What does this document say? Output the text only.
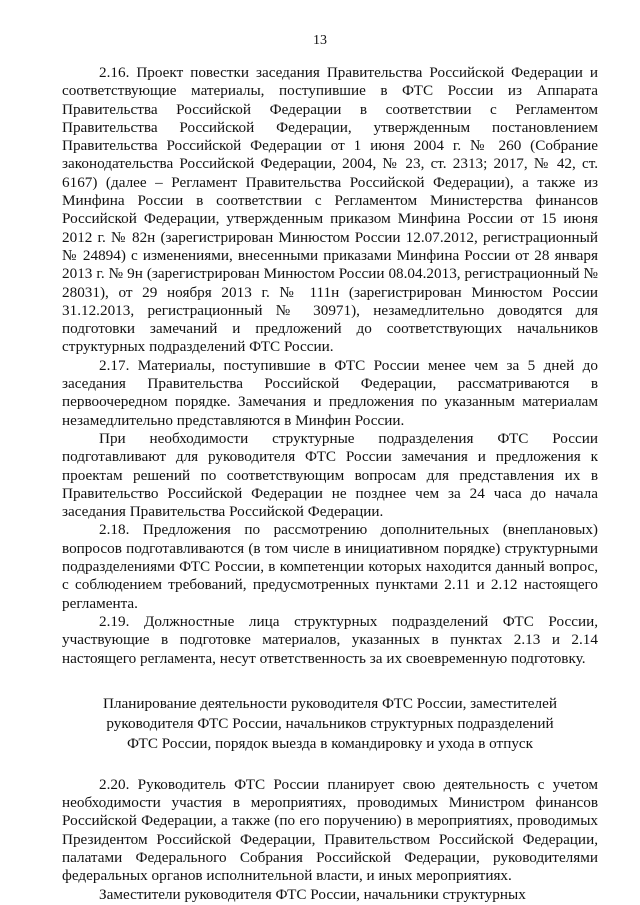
13

2.16. Проект повестки заседания Правительства Российской Федерации и соответствующие материалы, поступившие в ФТС России из Аппарата Правительства Российской Федерации в соответствии с Регламентом Правительства Российской Федерации, утвержденным постановлением Правительства Российской Федерации от 1 июня 2004 г. № 260 (Собрание законодательства Российской Федерации, 2004, № 23, ст. 2313; 2017, № 42, ст. 6167) (далее – Регламент Правительства Российской Федерации), а также из Минфина России в соответствии с Регламентом Министерства финансов Российской Федерации, утвержденным приказом Минфина России от 15 июня 2012 г. № 82н (зарегистрирован Минюстом России 12.07.2012, регистрационный № 24894) с изменениями, внесенными приказами Минфина России от 28 января 2013 г. № 9н (зарегистрирован Минюстом России 08.04.2013, регистрационный № 28031), от 29 ноября 2013 г. № 111н (зарегистрирован Минюстом России 31.12.2013, регистрационный № 30971), незамедлительно доводятся для подготовки замечаний и предложений до соответствующих начальников структурных подразделений ФТС России.

2.17. Материалы, поступившие в ФТС России менее чем за 5 дней до заседания Правительства Российской Федерации, рассматриваются в первоочередном порядке. Замечания и предложения по указанным материалам незамедлительно представляются в Минфин России.

При необходимости структурные подразделения ФТС России подготавливают для руководителя ФТС России замечания и предложения к проектам решений по соответствующим вопросам для представления их в Правительство Российской Федерации не позднее чем за 24 часа до начала заседания Правительства Российской Федерации.

2.18. Предложения по рассмотрению дополнительных (внеплановых) вопросов подготавливаются (в том числе в инициативном порядке) структурными подразделениями ФТС России, в компетенции которых находится данный вопрос, с соблюдением требований, предусмотренных пунктами 2.11 и 2.12 настоящего регламента.

2.19. Должностные лица структурных подразделений ФТС России, участвующие в подготовке материалов, указанных в пунктах 2.13 и 2.14 настоящего регламента, несут ответственность за их своевременную подготовку.

Планирование деятельности руководителя ФТС России, заместителей
руководителя ФТС России, начальников структурных подразделений
ФТС России, порядок выезда в командировку и ухода в отпуск

2.20. Руководитель ФТС России планирует свою деятельность с учетом необходимости участия в мероприятиях, проводимых Министром финансов Российской Федерации, а также (по его поручению) в мероприятиях, проводимых Президентом Российской Федерации, Правительством Российской Федерации, палатами Федерального Собрания Российской Федерации, руководителями федеральных органов исполнительной власти, и иных мероприятиях.

Заместители руководителя ФТС России, начальники структурных
